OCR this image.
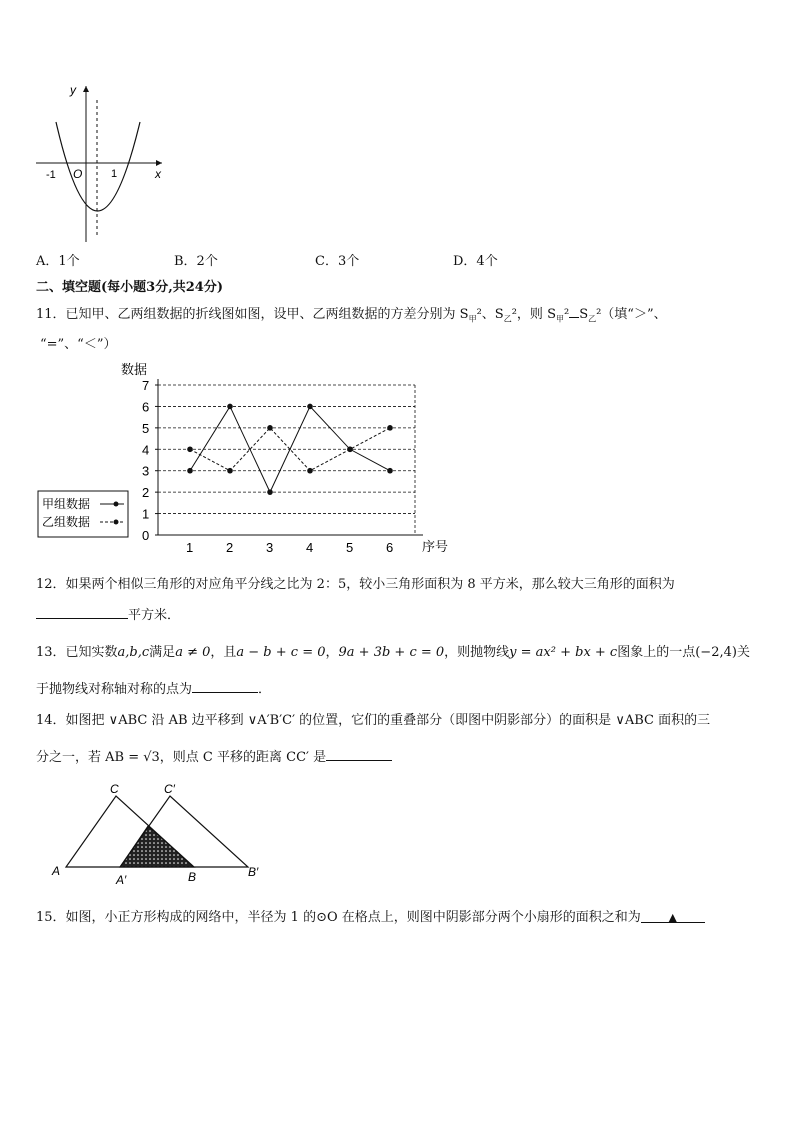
y
x
O
-1	1
A．1个	B．2个	C．3个	D．4个
二、填空题(每小题3分,共24分)
11．已知甲、乙两组数据的折线图如图，设甲、乙两组数据的方差分别为 $S_甲^2$、$S_乙^2$，则 $S_甲^2$ $S_乙^2$（填“＞”、
“=”、“＜”）
数据
序号
0
1
2
3
4
5
6
7
1	2	3	4	5	6
甲组数据
乙组数据
12．如果两个相似三角形的对应角平分线之比为 2：5，较小三角形面积为 8 平方米，那么较大三角形的面积为
平方米．
13．已知实数a,b,c满足a ≠ 0，且a − b + c = 0，9a + 3b + c = 0，则抛物线y = ax² + bx + c图象上的一点(−2,4)关
于抛物线对称轴对称的点为	．
14．如图把 ∨ABC 沿 AB 边平移到 ∨A′B′C′ 的位置，它们的重叠部分（即图中阴影部分）的面积是 ∨ABC 面积的三
分之一，若 AB = √3，则点 C 平移的距离 CC′ 是
A
A′	B	B′
C	C′
15．如图，小正方形构成的网络中，半径为 1 的⊙O 在格点上，则图中阴影部分两个小扇形的面积之和为	▲
